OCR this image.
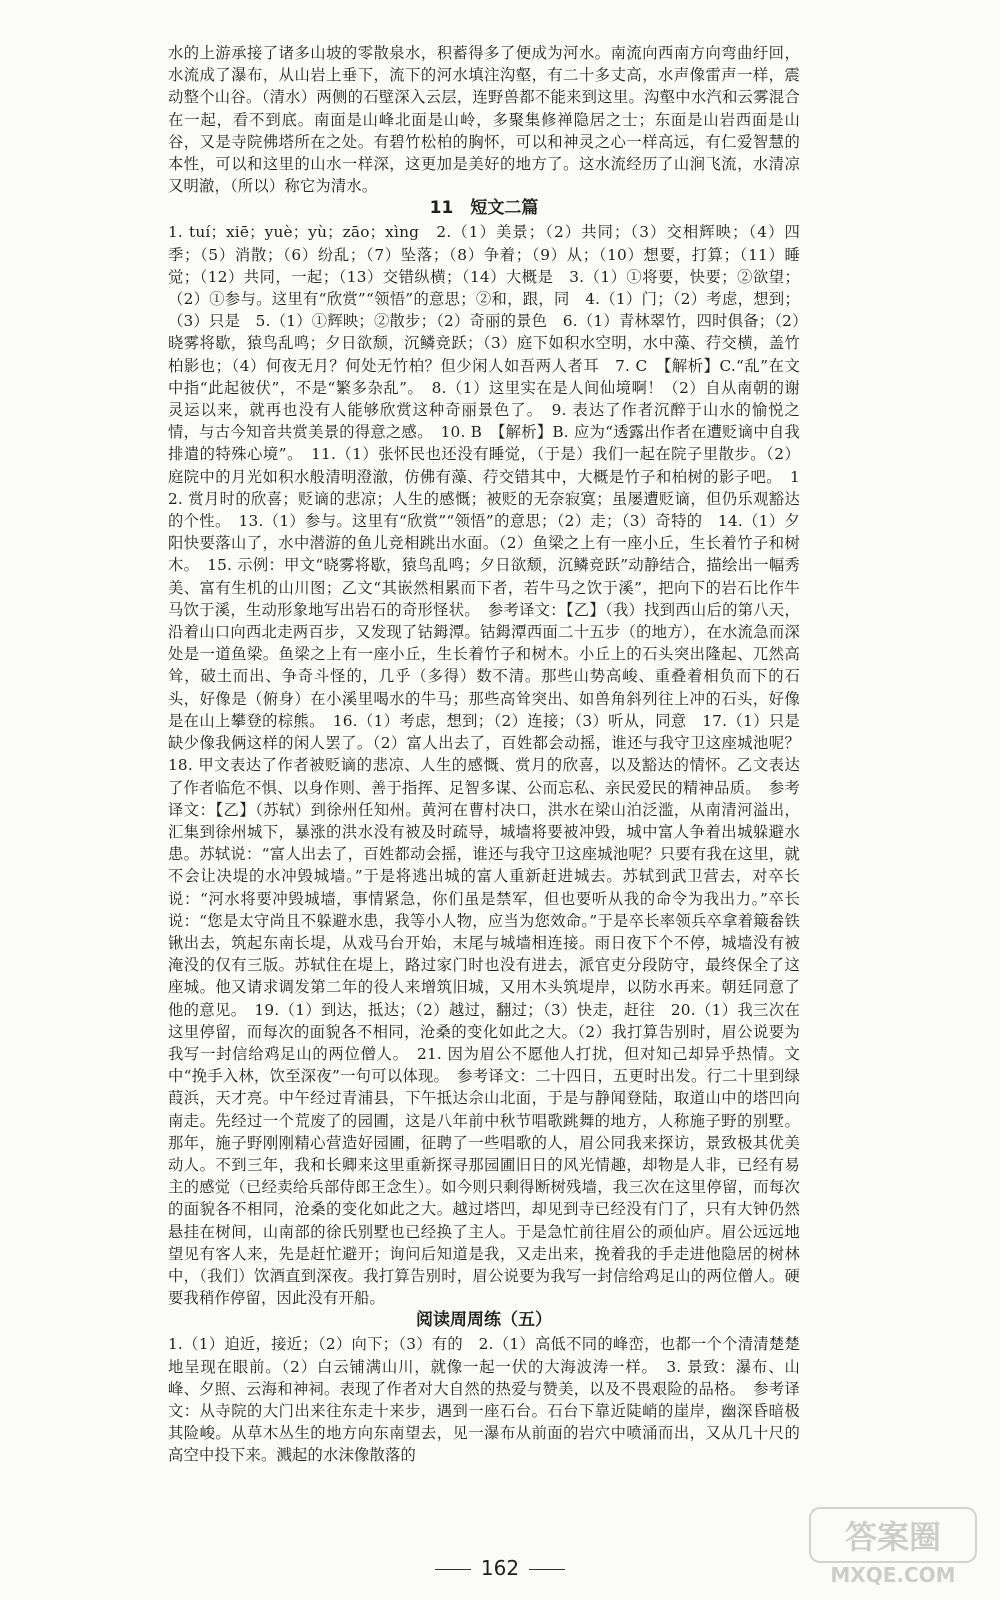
水的上游承接了诸多山坡的零散泉水，积蓄得多了便成为河水。南流向西南方向弯曲纡回，水流成了瀑布，从山岩上垂下，流下的河水填注沟壑，有二十多丈高，水声像雷声一样，震动整个山谷。（清水）两侧的石壁深入云层，连野兽都不能来到这里。沟壑中水汽和云雾混合在一起，看不到底。南面是山峰北面是山岭，多聚集修禅隐居之士；东面是山岩西面是山谷，又是寺院佛塔所在之处。有碧竹松柏的胸怀，可以和神灵之心一样高远，有仁爱智慧的本性，可以和这里的山水一样深，这更加是美好的地方了。这水流经历了山涧飞流，水清凉又明澈，（所以）称它为清水。

11　短文二篇

1. tuí；xiē；yuè；yù；zāo；xìng　2.（1）美景；（2）共同；（3）交相辉映；（4）四季；（5）消散；（6）纷乱；（7）坠落；（8）争着；（9）从；（10）想要，打算；（11）睡觉；（12）共同，一起；（13）交错纵横；（14）大概是　3.（1）①将要，快要；②欲望；（2）①参与。这里有“欣赏”“领悟”的意思；②和，跟，同　4.（1）门；（2）考虑，想到；（3）只是　5.（1）①辉映；②散步；（2）奇丽的景色　6.（1）青林翠竹，四时俱备；（2）晓雾将歇，猿鸟乱鸣；夕日欲颓，沉鳞竞跃；（3）庭下如积水空明，水中藻、荇交横，盖竹柏影也；（4）何夜无月？何处无竹柏？但少闲人如吾两人者耳　7. C　【解析】C.“乱”在文中指“此起彼伏”，不是“繁多杂乱”。　8.（1）这里实在是人间仙境啊！（2）自从南朝的谢灵运以来，就再也没有人能够欣赏这种奇丽景色了。　9. 表达了作者沉醉于山水的愉悦之情，与古今知音共赏美景的得意之感。　10. B　【解析】B. 应为“透露出作者在遭贬谪中自我排遣的特殊心境”。　11.（1）张怀民也还没有睡觉，（于是）我们一起在院子里散步。（2）庭院中的月光如积水般清明澄澈，仿佛有藻、荇交错其中，大概是竹子和柏树的影子吧。　12. 赏月时的欣喜；贬谪的悲凉；人生的感慨；被贬的无奈寂寞；虽屡遭贬谪，但仍乐观豁达的个性。　13.（1）参与。这里有“欣赏”“领悟”的意思；（2）走；（3）奇特的　14.（1）夕阳快要落山了，水中潜游的鱼儿竞相跳出水面。（2）鱼梁之上有一座小丘，生长着竹子和树木。　15. 示例：甲文“晓雾将歇，猿鸟乱鸣；夕日欲颓，沉鳞竞跃”动静结合，描绘出一幅秀美、富有生机的山川图；乙文“其嵌然相累而下者，若牛马之饮于溪”，把向下的岩石比作牛马饮于溪，生动形象地写出岩石的奇形怪状。　参考译文：【乙】（我）找到西山后的第八天，沿着山口向西北走两百步，又发现了钴鉧潭。钴鉧潭西面二十五步（的地方），在水流急而深处是一道鱼梁。鱼梁之上有一座小丘，生长着竹子和树木。小丘上的石头突出隆起、兀然高耸，破土而出、争奇斗怪的，几乎（多得）数不清。那些山势高峻、重叠着相负而下的石头，好像是（俯身）在小溪里喝水的牛马；那些高耸突出、如兽角斜列往上冲的石头，好像是在山上攀登的棕熊。　16.（1）考虑，想到；（2）连接；（3）听从，同意　17.（1）只是缺少像我俩这样的闲人罢了。（2）富人出去了，百姓都会动摇，谁还与我守卫这座城池呢？　18. 甲文表达了作者被贬谪的悲凉、人生的感慨、赏月的欣喜，以及豁达的情怀。乙文表达了作者临危不惧、以身作则、善于指挥、足智多谋、公而忘私、亲民爱民的精神品质。　参考译文：【乙】（苏轼）到徐州任知州。黄河在曹村决口，洪水在梁山泊泛滥，从南清河溢出，汇集到徐州城下，暴涨的洪水没有被及时疏导，城墙将要被冲毁，城中富人争着出城躲避水患。苏轼说：“富人出去了，百姓都动会摇，谁还与我守卫这座城池呢？只要有我在这里，就不会让决堤的水冲毁城墙。”于是将逃出城的富人重新赶进城去。苏轼到武卫营去，对卒长说：“河水将要冲毁城墙，事情紧急，你们虽是禁军，但也要听从我的命令为我出力。”卒长说：“您是太守尚且不躲避水患，我等小人物，应当为您效命。”于是卒长率领兵卒拿着簸畚铁锹出去，筑起东南长堤，从戏马台开始，末尾与城墙相连接。雨日夜下个不停，城墙没有被淹没的仅有三版。苏轼住在堤上，路过家门时也没有进去，派官吏分段防守，最终保全了这座城。他又请求调发第二年的役人来增筑旧城，又用木头筑堤岸，以防水再来。朝廷同意了他的意见。　19.（1）到达，抵达；（2）越过，翻过；（3）快走，赶往　20.（1）我三次在这里停留，而每次的面貌各不相同，沧桑的变化如此之大。（2）我打算告别时，眉公说要为我写一封信给鸡足山的两位僧人。　21. 因为眉公不愿他人打扰，但对知己却异乎热情。文中“挽手入林，饮至深夜”一句可以体现。　参考译文：二十四日，五更时出发。行二十里到绿葭浜，天才亮。中午经过青浦县，下午抵达佘山北面，于是与静闻登陆，取道山中的塔凹向南走。先经过一个荒废了的园圃，这是八年前中秋节唱歌跳舞的地方，人称施子野的别墅。那年，施子野刚刚精心营造好园圃，征聘了一些唱歌的人，眉公同我来探访，景致极其优美动人。不到三年，我和长卿来这里重新探寻那园圃旧日的风光情趣，却物是人非，已经有易主的感觉（已经卖给兵部侍郎王念生）。如今则只剩得断树残墙，我三次在这里停留，而每次的面貌各不相同，沧桑的变化如此之大。越过塔凹，却见到寺已经没有门了，只有大钟仍然悬挂在树间，山南部的徐氏别墅也已经换了主人。于是急忙前往眉公的顽仙庐。眉公远远地望见有客人来，先是赶忙避开；询问后知道是我，又走出来，挽着我的手走进他隐居的树林中，（我们）饮酒直到深夜。我打算告别时，眉公说要为我写一封信给鸡足山的两位僧人。硬要我稍作停留，因此没有开船。

阅读周周练（五）

1.（1）迫近，接近；（2）向下；（3）有的　2.（1）高低不同的峰峦，也都一个个清清楚楚地呈现在眼前。（2）白云铺满山川，就像一起一伏的大海波涛一样。　3. 景致：瀑布、山峰、夕照、云海和神祠。表现了作者对大自然的热爱与赞美，以及不畏艰险的品格。　参考译文：从寺院的大门出来往东走十来步，遇到一座石台。石台下靠近陡峭的崖岸，幽深昏暗极其险峻。从草木丛生的地方向东南望去，见一瀑布从前面的岩穴中喷涌而出，又从几十尺的高空中投下来。溅起的水沫像散落的

162
答案圈
MXQE.COM
